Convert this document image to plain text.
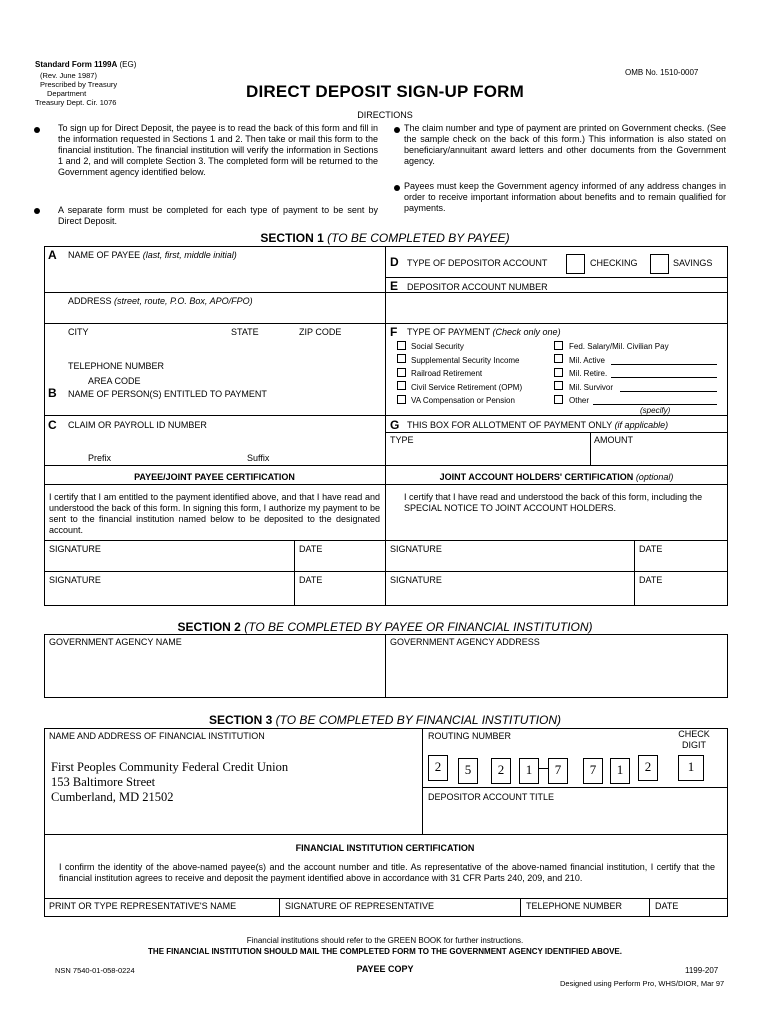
Standard Form 1199A (EG)
(Rev. June 1987)
Prescribed by Treasury
Department
Treasury Dept. Cir. 1076
OMB No. 1510-0007
DIRECT DEPOSIT SIGN-UP FORM
DIRECTIONS
To sign up for Direct Deposit, the payee is to read the back of this form and fill in the information requested in Sections 1 and 2. Then take or mail this form to the financial institution. The financial institution will verify the information in Sections 1 and 2, and will complete Section 3. The completed form will be returned to the Government agency identified below.
A separate form must be completed for each type of payment to be sent by Direct Deposit.
The claim number and type of payment are printed on Government checks. (See the sample check on the back of this form.) This information is also stated on beneficiary/annuitant award letters and other documents from the Government agency.
Payees must keep the Government agency informed of any address changes in order to receive important information about benefits and to remain qualified for payments.
SECTION 1 (TO BE COMPLETED BY PAYEE)
A NAME OF PAYEE (last, first, middle initial)
ADDRESS (street, route, P.O. Box, APO/FPO)
CITY	STATE	ZIP CODE
TELEPHONE NUMBER
AREA CODE
B NAME OF PERSON(S) ENTITLED TO PAYMENT
C CLAIM OR PAYROLL ID NUMBER
Prefix	Suffix
D TYPE OF DEPOSITOR ACCOUNT	CHECKING	SAVINGS
E DEPOSITOR ACCOUNT NUMBER
F TYPE OF PAYMENT (Check only one)
Social Security
Supplemental Security Income
Railroad Retirement
Civil Service Retirement (OPM)
VA Compensation or Pension
Fed. Salary/Mil. Civilian Pay
Mil. Active
Mil. Retire.
Mil. Survivor
Other
(specify)
G THIS BOX FOR ALLOTMENT OF PAYMENT ONLY (if applicable)
TYPE	AMOUNT
PAYEE/JOINT PAYEE CERTIFICATION	JOINT ACCOUNT HOLDERS' CERTIFICATION (optional)
I certify that I am entitled to the payment identified above, and that I have read and understood the back of this form. In signing this form, I authorize my payment to be sent to the financial institution named below to be deposited to the designated account.
I certify that I have read and understood the back of this form, including the SPECIAL NOTICE TO JOINT ACCOUNT HOLDERS.
SIGNATURE	DATE	SIGNATURE	DATE
SIGNATURE	DATE	SIGNATURE	DATE
SECTION 2 (TO BE COMPLETED BY PAYEE OR FINANCIAL INSTITUTION)
GOVERNMENT AGENCY NAME	GOVERNMENT AGENCY ADDRESS
SECTION 3 (TO BE COMPLETED BY FINANCIAL INSTITUTION)
NAME AND ADDRESS OF FINANCIAL INSTITUTION
First Peoples Community Federal Credit Union
153 Baltimore Street
Cumberland, MD 21502
ROUTING NUMBER	CHECK
DIGIT
2	5	2	1	7	7	1	2	1
DEPOSITOR ACCOUNT TITLE
FINANCIAL INSTITUTION CERTIFICATION
I confirm the identity of the above-named payee(s) and the account number and title. As representative of the above-named financial institution, I certify that the financial institution agrees to receive and deposit the payment identified above in accordance with 31 CFR Parts 240, 209, and 210.
PRINT OR TYPE REPRESENTATIVE'S NAME	SIGNATURE OF REPRESENTATIVE	TELEPHONE NUMBER	DATE
Financial institutions should refer to the GREEN BOOK for further instructions.
THE FINANCIAL INSTITUTION SHOULD MAIL THE COMPLETED FORM TO THE GOVERNMENT AGENCY IDENTIFIED ABOVE.
NSN 7540-01-058-0224	PAYEE COPY	1199-207
Designed using Perform Pro, WHS/DIOR, Mar 97
